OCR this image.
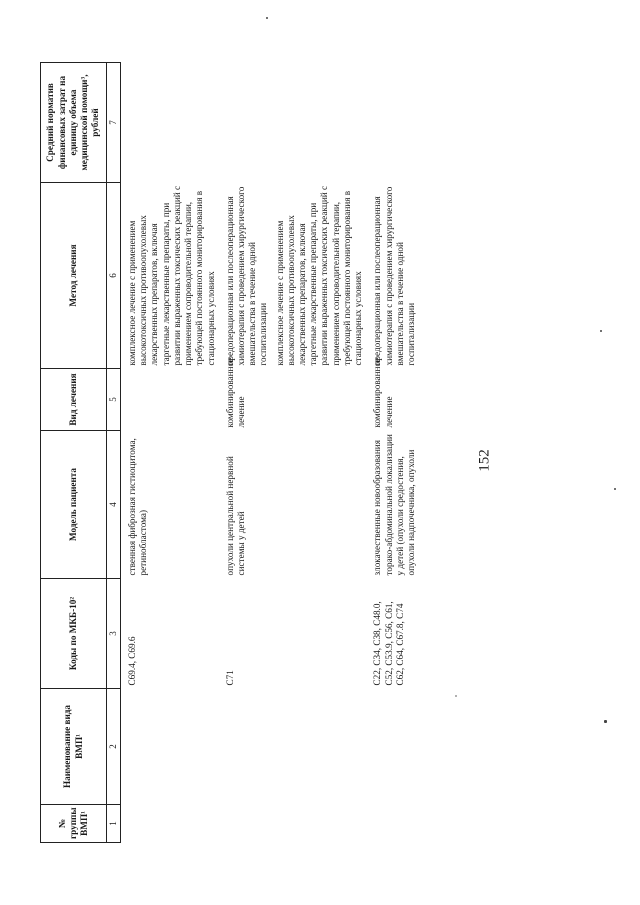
152
№ группы ВМП¹	Наименование вида ВМП¹	Коды по МКБ-10²	Модель пациента	Вид лечения	Метод лечения	Средний норматив финансовых затрат на единицу объема медицинской помощи³, рублей
1	2	3	4	5	6	7
		С69.4, С69.6	ственная фиброзная гистиоцитома, ретинобластома)		комплексное лечение с применением высокотоксичных противоопухолевых лекарственных препаратов, включая таргетные лекарственные препараты, при развитии выраженных токсических реакций с применением сопроводительной терапии, требующей постоянного мониторирования в стационарных условиях	
		С71	опухоли центральной нервной системы у детей	комбинированное лечение	предоперационная или послеоперационная химиотерапия с проведением хирургического вмешательства в течение одной госпитализации комплексное лечение с применением высокотоксичных противоопухолевых лекарственных препаратов, включая таргетные лекарственные препараты, при развитии выраженных токсических реакций с применением сопроводительной терапии, требующей постоянного мониторирования в стационарных условиях	

		С22, С34, С38, С48.0, С52, С53.9, С56, С61, С62, С64, С67.8, С74	злокачественные новообразования торако-абдоминальной локализации у детей (опухоли средостения, опухоли надпочечника, опухоли	комбинированное лечение	предоперационная или послеоперационная химиотерапия с проведением хирургического вмешательства в течение одной госпитализации	
